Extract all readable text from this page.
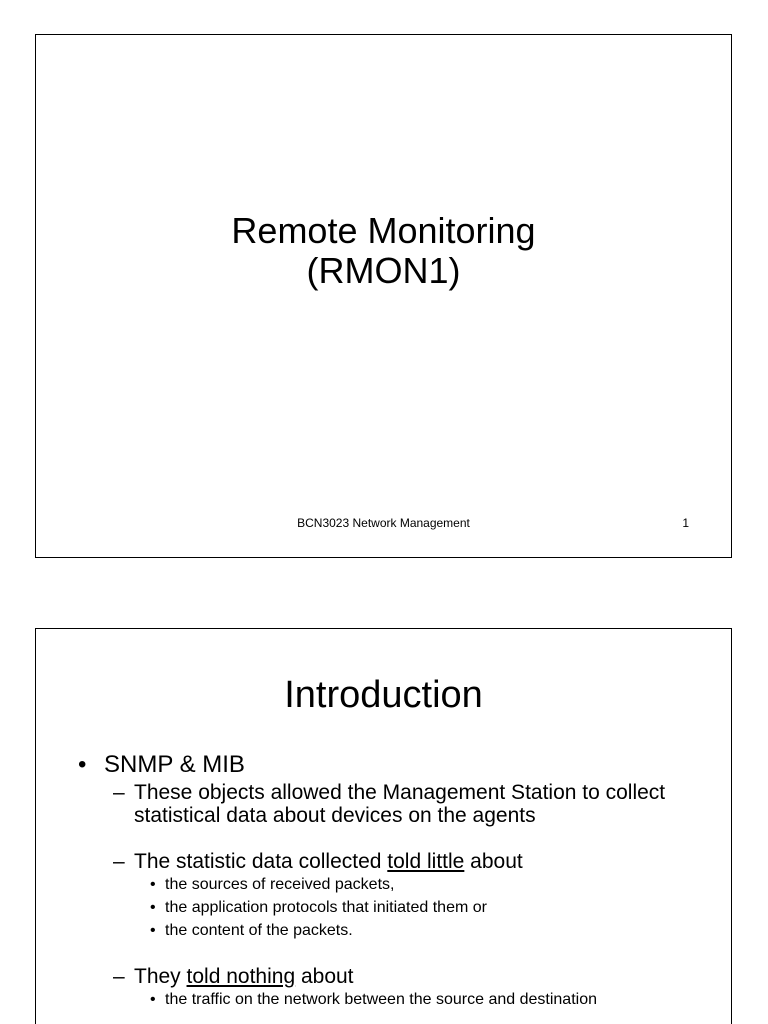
Remote Monitoring
(RMON1)
BCN3023 Network Management	1
Introduction
• SNMP & MIB
– These objects allowed the Management Station to collect statistical data about devices on the agents
– The statistic data collected told little about
• the sources of received packets,
• the application protocols that initiated them or
• the content of the packets.
– They told nothing about
• the traffic on the network between the source and destination
